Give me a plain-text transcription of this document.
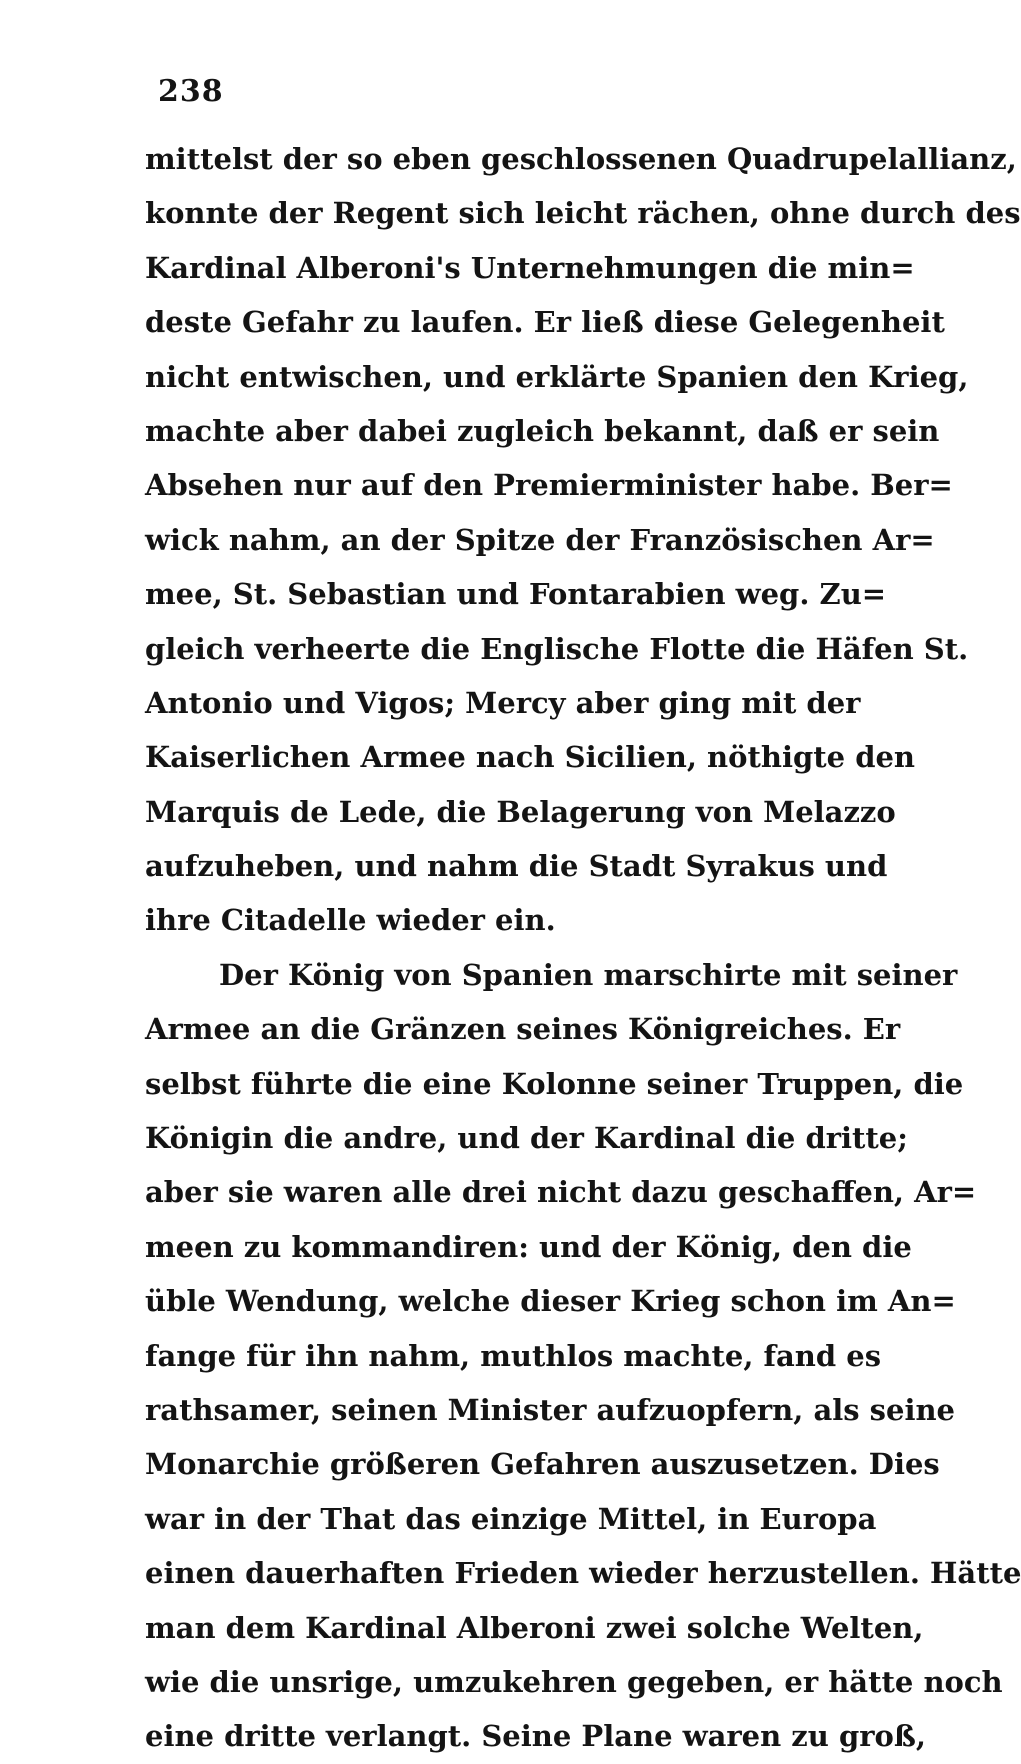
238
mittelst der so eben geschlossenen Quadrupelallianz,
konnte der Regent sich leicht rächen, ohne durch des
Kardinal Alberoni's Unternehmungen die min=
deste Gefahr zu laufen. Er ließ diese Gelegenheit
nicht entwischen, und erklärte Spanien den Krieg,
machte aber dabei zugleich bekannt, daß er sein
Absehen nur auf den Premierminister habe. Ber=
wick nahm, an der Spitze der Französischen Ar=
mee, St. Sebastian und Fontarabien weg. Zu=
gleich verheerte die Englische Flotte die Häfen St.
Antonio und Vigos; Mercy aber ging mit der
Kaiserlichen Armee nach Sicilien, nöthigte den
Marquis de Lede, die Belagerung von Melazzo
aufzuheben, und nahm die Stadt Syrakus und
ihre Citadelle wieder ein.
Der König von Spanien marschirte mit seiner
Armee an die Gränzen seines Königreiches. Er
selbst führte die eine Kolonne seiner Truppen, die
Königin die andre, und der Kardinal die dritte;
aber sie waren alle drei nicht dazu geschaffen, Ar=
meen zu kommandiren: und der König, den die
üble Wendung, welche dieser Krieg schon im An=
fange für ihn nahm, muthlos machte, fand es
rathsamer, seinen Minister aufzuopfern, als seine
Monarchie größeren Gefahren auszusetzen. Dies
war in der That das einzige Mittel, in Europa
einen dauerhaften Frieden wieder herzustellen. Hätte
man dem Kardinal Alberoni zwei solche Welten,
wie die unsrige, umzukehren gegeben, er hätte noch
eine dritte verlangt. Seine Plane waren zu groß,
